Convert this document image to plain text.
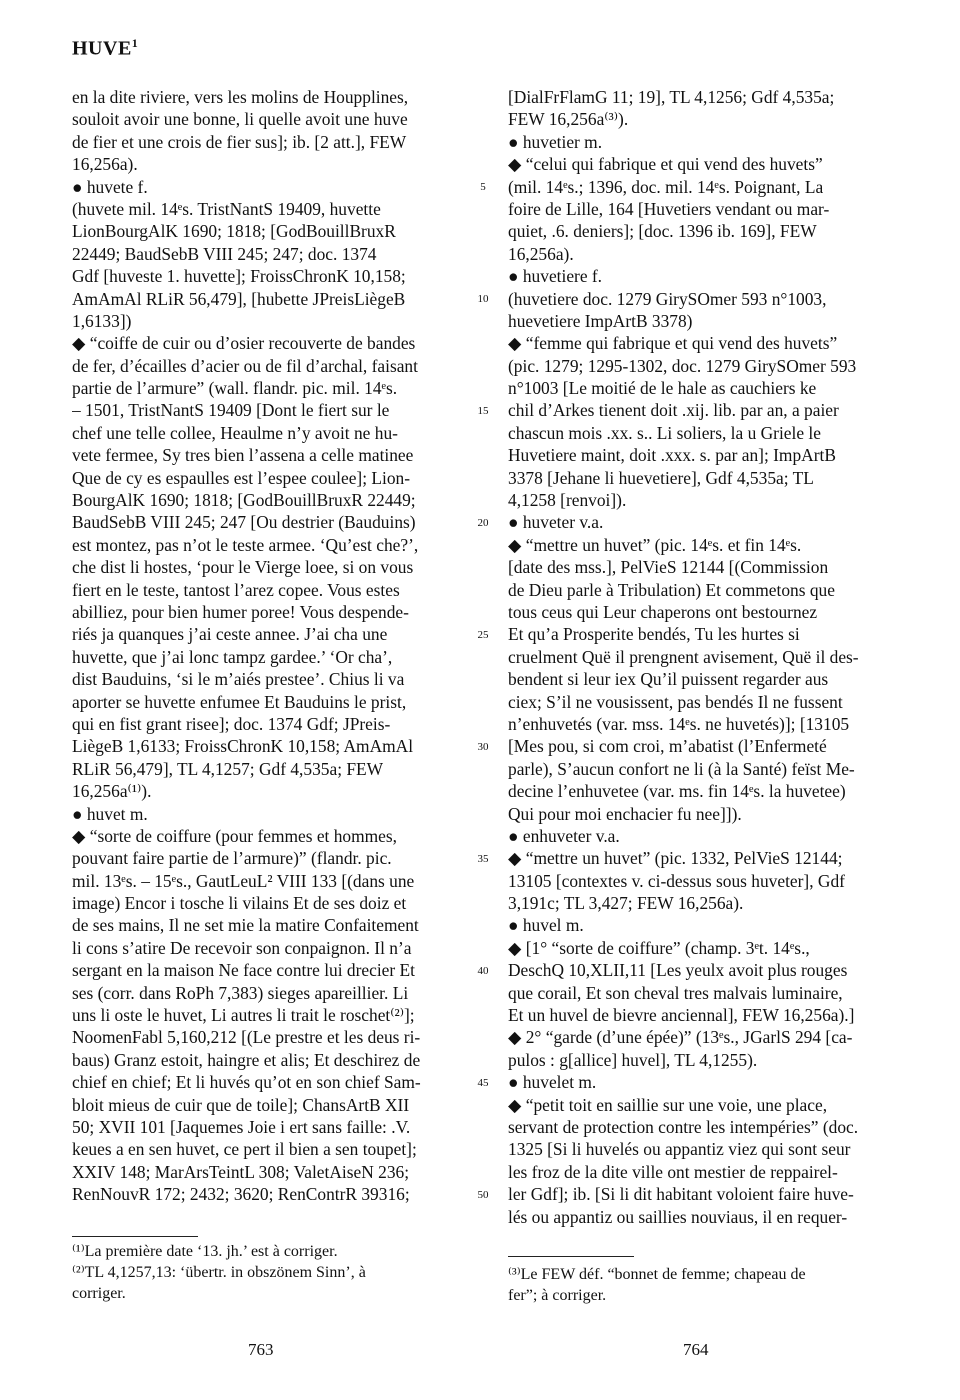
HUVE$^1$
en la dite riviere, vers les molins de Houpplines,
souloit avoir une bonne, li quelle avoit une huve
de fier et une crois de fier sus]; ib. [2 att.], FEW
16,256a).
● huvete f.
(huvete mil. 14ᵉs. TristNantS 19409, huvette
LionBourgAlK 1690; 1818; [GodBouillBruxR
22449; BaudSebB VIII 245; 247; doc. 1374
Gdf [huveste 1. huvette]; FroissChronK 10,158;
AmAmAl RLiR 56,479], [hubette JPreisLiègeB
1,6133])
◆ “coiffe de cuir ou d’osier recouverte de bandes
de fer, d’écailles d’acier ou de fil d’archal, faisant
partie de l’armure” (wall. flandr. pic. mil. 14ᵉs.
– 1501, TristNantS 19409 [Dont le fiert sur le
chef une telle collee, Heaulme n’y avoit ne hu-
vete fermee, Sy tres bien l’assena a celle matinee
Que de cy es espaulles est l’espee coulee]; Lion-
BourgAlK 1690; 1818; [GodBouillBruxR 22449;
BaudSebB VIII 245; 247 [Ou destrier (Bauduins)
est montez, pas n’ot le teste armee. ‘Qu’est che?’,
che dist li hostes, ‘pour le Vierge loee, si on vous
fiert en le teste, tantost l’arez copee. Vous estes
abilliez, pour bien humer poree! Vous despende-
riés ja quanques j’ai ceste annee. J’ai cha une
huvette, que j’ai lonc tampz gardee.’ ‘Or cha’,
dist Bauduins, ‘si le m’aiés prestee’. Chius li va
aporter se huvette enfumee Et Bauduins le prist,
qui en fist grant risee]; doc. 1374 Gdf; JPreis-
LiègeB 1,6133; FroissChronK 10,158; AmAmAl
RLiR 56,479], TL 4,1257; Gdf 4,535a; FEW
16,256a⁽¹⁾).
● huvet m.
◆ “sorte de coiffure (pour femmes et hommes,
pouvant faire partie de l’armure)” (flandr. pic.
mil. 13ᵉs. – 15ᵉs., GautLeuL² VIII 133 [(dans une
image) Encor i tosche li vilains Et de ses doiz et
de ses mains, Il ne set mie la matire Confaitement
li cons s’atire De recevoir son conpaignon. Il n’a
sergant en la maison Ne face contre lui drecier Et
ses (corr. dans RoPh 7,383) sieges apareillier. Li
uns li oste le huvet, Li autres li trait le roschet⁽²⁾];
NoomenFabl 5,160,212 [(Le prestre et les deus ri-
baus) Granz estoit, haingre et alis; Et deschirez de
chief en chief; Et li huvés qu’ot en son chief Sam-
bloit mieus de cuir que de toile]; ChansArtB XII
50; XVII 101 [Jaquemes Joie i ert sans faille: .V.
keues a en sen huvet, ce pert il bien a sen toupet];
XXIV 148; MarArsTeintL 308; ValetAiseN 236;
RenNouvR 172; 2432; 3620; RenContrR 39316;
5
10
15
20
25
30
35
40
45
50
[DialFrFlamG 11; 19], TL 4,1256; Gdf 4,535a;
FEW 16,256a⁽³⁾).
● huvetier m.
◆ “celui qui fabrique et qui vend des huvets”
(mil. 14ᵉs.; 1396, doc. mil. 14ᵉs. Poignant, La
foire de Lille, 164 [Huvetiers vendant ou mar-
quiet, .6. deniers]; [doc. 1396 ib. 169], FEW
16,256a).
● huvetiere f.
(huvetiere doc. 1279 GirySOmer 593 n°1003,
huevetiere ImpArtB 3378)
◆ “femme qui fabrique et qui vend des huvets”
(pic. 1279; 1295-1302, doc. 1279 GirySOmer 593
n°1003 [Le moitié de le hale as cauchiers ke
chil d’Arkes tienent doit .xij. lib. par an, a paier
chascun mois .xx. s.. Li soliers, la u Griele le
Huvetiere maint, doit .xxx. s. par an]; ImpArtB
3378 [Jehane li huevetiere], Gdf 4,535a; TL
4,1258 [renvoi]).
● huveter v.a.
◆ “mettre un huvet” (pic. 14ᵉs. et fin 14ᵉs.
[date des mss.], PelVieS 12144 [(Commission
de Dieu parle à Tribulation) Et commetons que
tous ceus qui Leur chaperons ont bestournez
Et qu’a Prosperite bendés, Tu les hurtes si
cruelment Quë il prengnent avisement, Quë il des-
bendent si leur iex Qu’il puissent regarder aus
ciex; S’il ne vousissent, pas bendés Il ne fussent
n’enhuvetés (var. mss. 14ᵉs. ne huvetés)]; [13105
[Mes pou, si com croi, m’abatist (l’Enfermeté
parle), S’aucun confort ne li (à la Santé) feïst Me-
decine l’enhuvetee (var. ms. fin 14ᵉs. la huvetee)
Qui pour moi enchacier fu nee]]).
● enhuveter v.a.
◆ “mettre un huvet” (pic. 1332, PelVieS 12144;
13105 [contextes v. ci-dessus sous huveter], Gdf
3,191c; TL 3,427; FEW 16,256a).
● huvel m.
◆ [1° “sorte de coiffure” (champ. 3ᵉt. 14ᵉs.,
DeschQ 10,XLII,11 [Les yeulx avoit plus rouges
que corail, Et son cheval tres malvais luminaire,
Et un huvel de bievre anciennal], FEW 16,256a).]
◆ 2° “garde (d’une épée)” (13ᵉs., JGarlS 294 [ca-
pulos : g[allice] huvel], TL 4,1255).
● huvelet m.
◆ “petit toit en saillie sur une voie, une place,
servant de protection contre les intempéries” (doc.
1325 [Si li huvelés ou appantiz viez qui sont seur
les froz de la dite ville ont mestier de reppairel-
ler Gdf]; ib. [Si li dit habitant voloient faire huve-
lés ou appantiz ou saillies nouviaus, il en requer-
⁽¹⁾La première date ‘13. jh.’ est à corriger.
⁽²⁾TL 4,1257,13: ‘übertr. in obszönem Sinn’, à
corriger.
⁽³⁾Le FEW déf. “bonnet de femme; chapeau de
fer”; à corriger.
763	764
